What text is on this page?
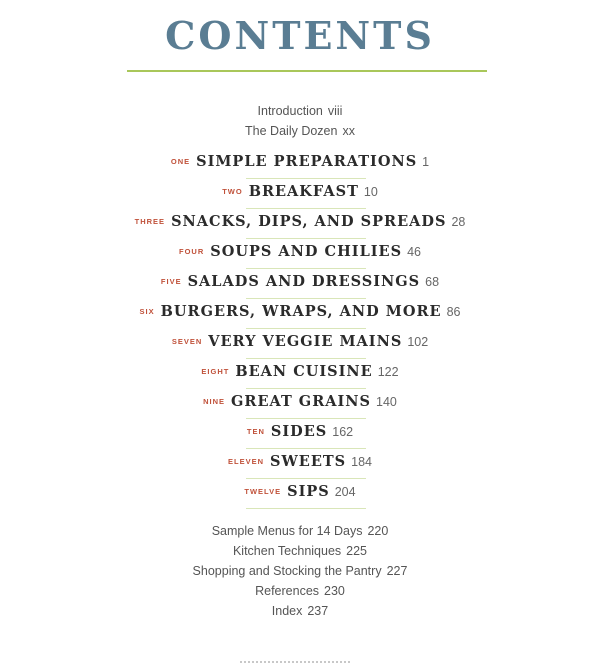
CONTENTS
Introduction viii
The Daily Dozen xx
ONE SIMPLE PREPARATIONS 1
TWO BREAKFAST 10
THREE SNACKS, DIPS, AND SPREADS 28
FOUR SOUPS AND CHILIES 46
FIVE SALADS AND DRESSINGS 68
SIX BURGERS, WRAPS, AND MORE 86
SEVEN VERY VEGGIE MAINS 102
EIGHT BEAN CUISINE 122
NINE GREAT GRAINS 140
TEN SIDES 162
ELEVEN SWEETS 184
TWELVE SIPS 204
Sample Menus for 14 Days 220
Kitchen Techniques 225
Shopping and Stocking the Pantry 227
References 230
Index 237
